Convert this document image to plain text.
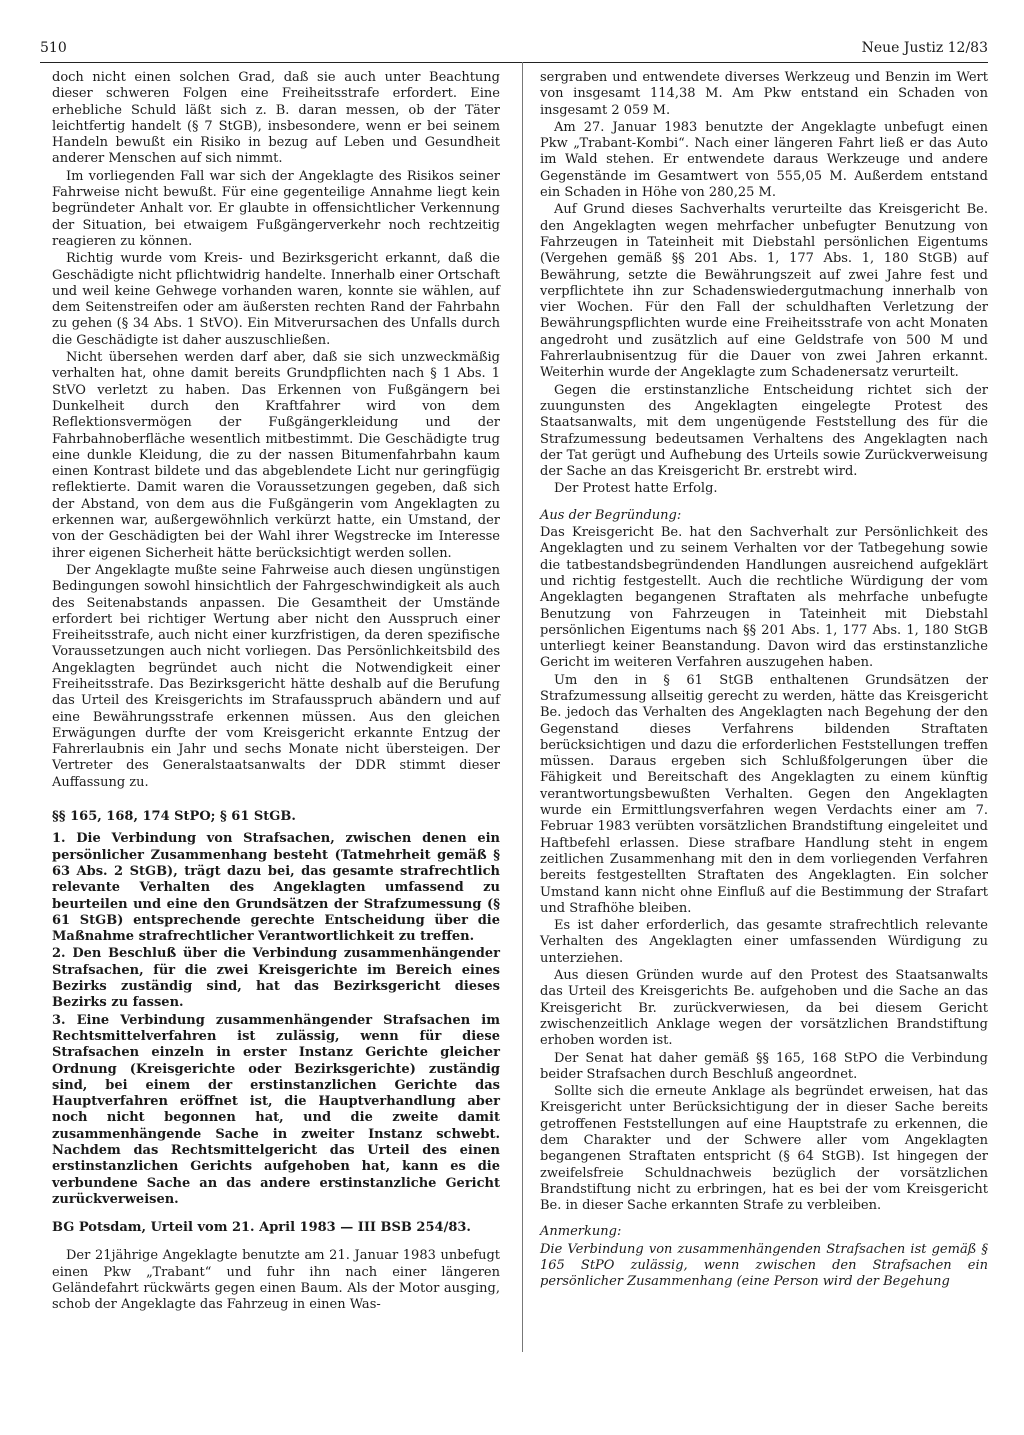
510	Neue Justiz 12/83

doch nicht einen solchen Grad, daß sie auch unter Beachtung dieser schweren Folgen eine Freiheitsstrafe erfordert. Eine erhebliche Schuld läßt sich z. B. daran messen, ob der Täter leichtfertig handelt (§ 7 StGB), insbesondere, wenn er bei seinem Handeln bewußt ein Risiko in bezug auf Leben und Gesundheit anderer Menschen auf sich nimmt.

Im vorliegenden Fall war sich der Angeklagte des Risikos seiner Fahrweise nicht bewußt. Für eine gegenteilige Annahme liegt kein begründeter Anhalt vor. Er glaubte in offensichtlicher Verkennung der Situation, bei etwaigem Fußgängerverkehr noch rechtzeitig reagieren zu können.

Richtig wurde vom Kreis- und Bezirksgericht erkannt, daß die Geschädigte nicht pflichtwidrig handelte. Innerhalb einer Ortschaft und weil keine Gehwege vorhanden waren, konnte sie wählen, auf dem Seitenstreifen oder am äußersten rechten Rand der Fahrbahn zu gehen (§ 34 Abs. 1 StVO). Ein Mitverursachen des Unfalls durch die Geschädigte ist daher auszuschließen.

Nicht übersehen werden darf aber, daß sie sich unzweckmäßig verhalten hat, ohne damit bereits Grundpflichten nach § 1 Abs. 1 StVO verletzt zu haben. Das Erkennen von Fußgängern bei Dunkelheit durch den Kraftfahrer wird von dem Reflektionsvermögen der Fußgängerkleidung und der Fahrbahnoberfläche wesentlich mitbestimmt. Die Geschädigte trug eine dunkle Kleidung, die zu der nassen Bitumenfahrbahn kaum einen Kontrast bildete und das abgeblendete Licht nur geringfügig reflektierte. Damit waren die Voraussetzungen gegeben, daß sich der Abstand, von dem aus die Fußgängerin vom Angeklagten zu erkennen war, außergewöhnlich verkürzt hatte, ein Umstand, der von der Geschädigten bei der Wahl ihrer Wegstrecke im Interesse ihrer eigenen Sicherheit hätte berücksichtigt werden sollen.

Der Angeklagte mußte seine Fahrweise auch diesen ungünstigen Bedingungen sowohl hinsichtlich der Fahrgeschwindigkeit als auch des Seitenabstands anpassen. Die Gesamtheit der Umstände erfordert bei richtiger Wertung aber nicht den Ausspruch einer Freiheitsstrafe, auch nicht einer kurzfristigen, da deren spezifische Voraussetzungen auch nicht vorliegen. Das Persönlichkeitsbild des Angeklagten begründet auch nicht die Notwendigkeit einer Freiheitsstrafe. Das Bezirksgericht hätte deshalb auf die Berufung das Urteil des Kreisgerichts im Strafausspruch abändern und auf eine Bewährungsstrafe erkennen müssen. Aus den gleichen Erwägungen durfte der vom Kreisgericht erkannte Entzug der Fahrerlaubnis ein Jahr und sechs Monate nicht übersteigen. Der Vertreter des Generalstaatsanwalts der DDR stimmt dieser Auffassung zu.

§§ 165, 168, 174 StPO; § 61 StGB.

1. Die Verbindung von Strafsachen, zwischen denen ein persönlicher Zusammenhang besteht (Tatmehrheit gemäß § 63 Abs. 2 StGB), trägt dazu bei, das gesamte strafrechtlich relevante Verhalten des Angeklagten umfassend zu beurteilen und eine den Grundsätzen der Strafzumessung (§ 61 StGB) entsprechende gerechte Entscheidung über die Maßnahme strafrechtlicher Verantwortlichkeit zu treffen.

2. Den Beschluß über die Verbindung zusammenhängender Strafsachen, für die zwei Kreisgerichte im Bereich eines Bezirks zuständig sind, hat das Bezirksgericht dieses Bezirks zu fassen.

3. Eine Verbindung zusammenhängender Strafsachen im Rechtsmittelverfahren ist zulässig, wenn für diese Strafsachen einzeln in erster Instanz Gerichte gleicher Ordnung (Kreisgerichte oder Bezirksgerichte) zuständig sind, bei einem der erstinstanzlichen Gerichte das Hauptverfahren eröffnet ist, die Hauptverhandlung aber noch nicht begonnen hat, und die zweite damit zusammenhängende Sache in zweiter Instanz schwebt. Nachdem das Rechtsmittelgericht das Urteil des einen erstinstanzlichen Gerichts aufgehoben hat, kann es die verbundene Sache an das andere erstinstanzliche Gericht zurückverweisen.

BG Potsdam, Urteil vom 21. April 1983 — III BSB 254/83.

Der 21jährige Angeklagte benutzte am 21. Januar 1983 unbefugt einen Pkw „Trabant“ und fuhr ihn nach einer längeren Geländefahrt rückwärts gegen einen Baum. Als der Motor ausging, schob der Angeklagte das Fahrzeug in einen Was-

sergraben und entwendete diverses Werkzeug und Benzin im Wert von insgesamt 114,38 M. Am Pkw entstand ein Schaden von insgesamt 2 059 M.

Am 27. Januar 1983 benutzte der Angeklagte unbefugt einen Pkw „Trabant-Kombi“. Nach einer längeren Fahrt ließ er das Auto im Wald stehen. Er entwendete daraus Werkzeuge und andere Gegenstände im Gesamtwert von 555,05 M. Außerdem entstand ein Schaden in Höhe von 280,25 M.

Auf Grund dieses Sachverhalts verurteilte das Kreisgericht Be. den Angeklagten wegen mehrfacher unbefugter Benutzung von Fahrzeugen in Tateinheit mit Diebstahl persönlichen Eigentums (Vergehen gemäß §§ 201 Abs. 1, 177 Abs. 1, 180 StGB) auf Bewährung, setzte die Bewährungszeit auf zwei Jahre fest und verpflichtete ihn zur Schadenswiedergutmachung innerhalb von vier Wochen. Für den Fall der schuldhaften Verletzung der Bewährungspflichten wurde eine Freiheitsstrafe von acht Monaten angedroht und zusätzlich auf eine Geldstrafe von 500 M und Fahrerlaubnisentzug für die Dauer von zwei Jahren erkannt. Weiterhin wurde der Angeklagte zum Schadenersatz verurteilt.

Gegen die erstinstanzliche Entscheidung richtet sich der zuungunsten des Angeklagten eingelegte Protest des Staatsanwalts, mit dem ungenügende Feststellung des für die Strafzumessung bedeutsamen Verhaltens des Angeklagten nach der Tat gerügt und Aufhebung des Urteils sowie Zurückverweisung der Sache an das Kreisgericht Br. erstrebt wird.

Der Protest hatte Erfolg.

Aus der Begründung:

Das Kreisgericht Be. hat den Sachverhalt zur Persönlichkeit des Angeklagten und zu seinem Verhalten vor der Tatbegehung sowie die tatbestandsbegründenden Handlungen ausreichend aufgeklärt und richtig festgestellt. Auch die rechtliche Würdigung der vom Angeklagten begangenen Straftaten als mehrfache unbefugte Benutzung von Fahrzeugen in Tateinheit mit Diebstahl persönlichen Eigentums nach §§ 201 Abs. 1, 177 Abs. 1, 180 StGB unterliegt keiner Beanstandung. Davon wird das erstinstanzliche Gericht im weiteren Verfahren auszugehen haben.

Um den in § 61 StGB enthaltenen Grundsätzen der Strafzumessung allseitig gerecht zu werden, hätte das Kreisgericht Be. jedoch das Verhalten des Angeklagten nach Begehung der den Gegenstand dieses Verfahrens bildenden Straftaten berücksichtigen und dazu die erforderlichen Feststellungen treffen müssen. Daraus ergeben sich Schlußfolgerungen über die Fähigkeit und Bereitschaft des Angeklagten zu einem künftig verantwortungsbewußten Verhalten. Gegen den Angeklagten wurde ein Ermittlungsverfahren wegen Verdachts einer am 7. Februar 1983 verübten vorsätzlichen Brandstiftung eingeleitet und Haftbefehl erlassen. Diese strafbare Handlung steht in engem zeitlichen Zusammenhang mit den in dem vorliegenden Verfahren bereits festgestellten Straftaten des Angeklagten. Ein solcher Umstand kann nicht ohne Einfluß auf die Bestimmung der Strafart und Strafhöhe bleiben.

Es ist daher erforderlich, das gesamte strafrechtlich relevante Verhalten des Angeklagten einer umfassenden Würdigung zu unterziehen.

Aus diesen Gründen wurde auf den Protest des Staatsanwalts das Urteil des Kreisgerichts Be. aufgehoben und die Sache an das Kreisgericht Br. zurückverwiesen, da bei diesem Gericht zwischenzeitlich Anklage wegen der vorsätzlichen Brandstiftung erhoben worden ist.

Der Senat hat daher gemäß §§ 165, 168 StPO die Verbindung beider Strafsachen durch Beschluß angeordnet.

Sollte sich die erneute Anklage als begründet erweisen, hat das Kreisgericht unter Berücksichtigung der in dieser Sache bereits getroffenen Feststellungen auf eine Hauptstrafe zu erkennen, die dem Charakter und der Schwere aller vom Angeklagten begangenen Straftaten entspricht (§ 64 StGB). Ist hingegen der zweifelsfreie Schuldnachweis bezüglich der vorsätzlichen Brandstiftung nicht zu erbringen, hat es bei der vom Kreisgericht Be. in dieser Sache erkannten Strafe zu verbleiben.

Anmerkung:

Die Verbindung von zusammenhängenden Strafsachen ist gemäß § 165 StPO zulässig, wenn zwischen den Strafsachen ein persönlicher Zusammenhang (eine Person wird der Begehung
